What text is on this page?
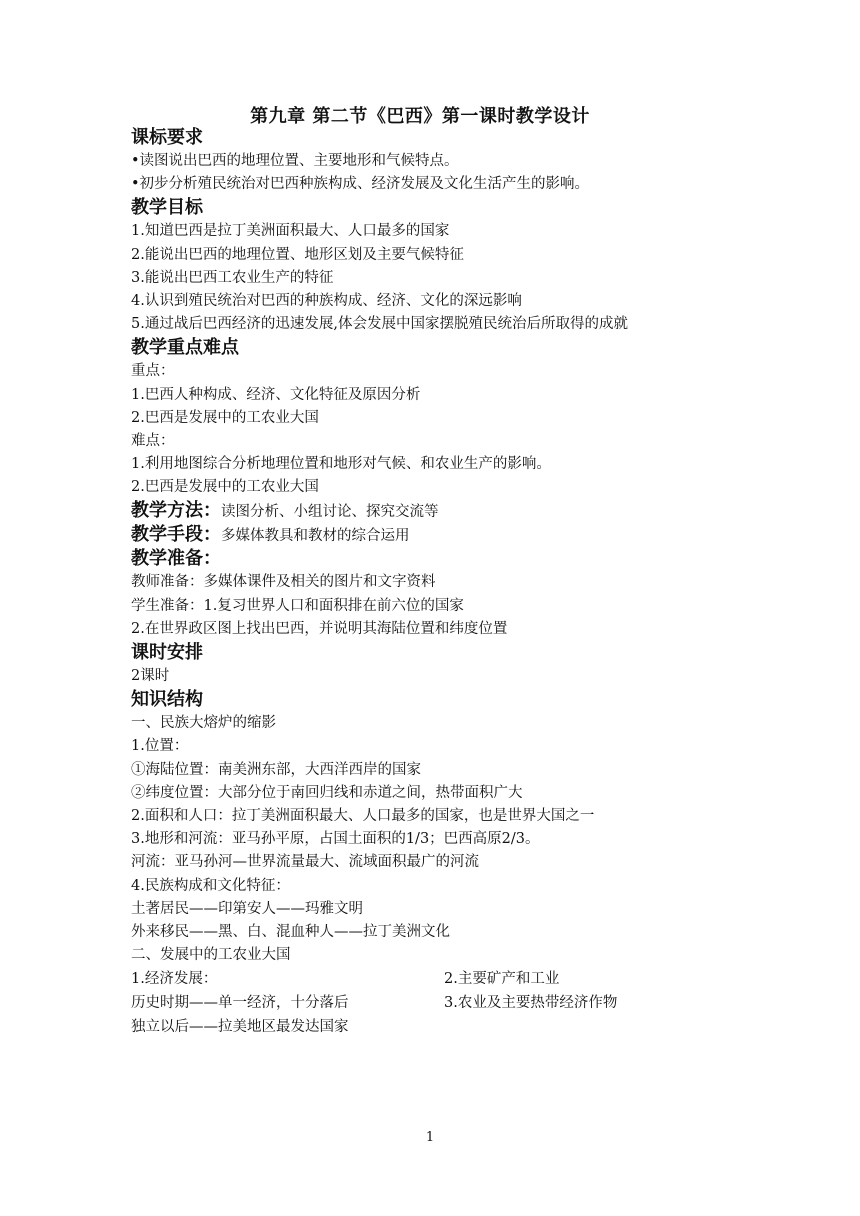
第九章 第二节《巴西》第一课时教学设计
课标要求
•读图说出巴西的地理位置、主要地形和气候特点。
•初步分析殖民统治对巴西种族构成、经济发展及文化生活产生的影响。
教学目标
1.知道巴西是拉丁美洲面积最大、人口最多的国家
2.能说出巴西的地理位置、地形区划及主要气候特征
3.能说出巴西工农业生产的特征
4.认识到殖民统治对巴西的种族构成、经济、文化的深远影响
5.通过战后巴西经济的迅速发展,体会发展中国家摆脱殖民统治后所取得的成就
教学重点难点
重点：
1.巴西人种构成、经济、文化特征及原因分析
2.巴西是发展中的工农业大国
难点：
1.利用地图综合分析地理位置和地形对气候、和农业生产的影响。
2.巴西是发展中的工农业大国
教学方法：读图分析、小组讨论、探究交流等
教学手段：多媒体教具和教材的综合运用
教学准备：
教师准备：多媒体课件及相关的图片和文字资料
学生准备：1.复习世界人口和面积排在前六位的国家
2.在世界政区图上找出巴西，并说明其海陆位置和纬度位置
课时安排
2课时
知识结构
一、民族大熔炉的缩影
1.位置：
①海陆位置：南美洲东部，大西洋西岸的国家
②纬度位置：大部分位于南回归线和赤道之间，热带面积广大
2.面积和人口：拉丁美洲面积最大、人口最多的国家，也是世界大国之一
3.地形和河流：亚马孙平原，占国土面积的1/3；巴西高原2/3。
河流：亚马孙河—世界流量最大、流域面积最广的河流
4.民族构成和文化特征：
土著居民——印第安人——玛雅文明
外来移民——黑、白、混血种人——拉丁美洲文化
二、发展中的工农业大国
1.经济发展：
历史时期——单一经济，十分落后
独立以后——拉美地区最发达国家
2.主要矿产和工业
3.农业及主要热带经济作物
1
